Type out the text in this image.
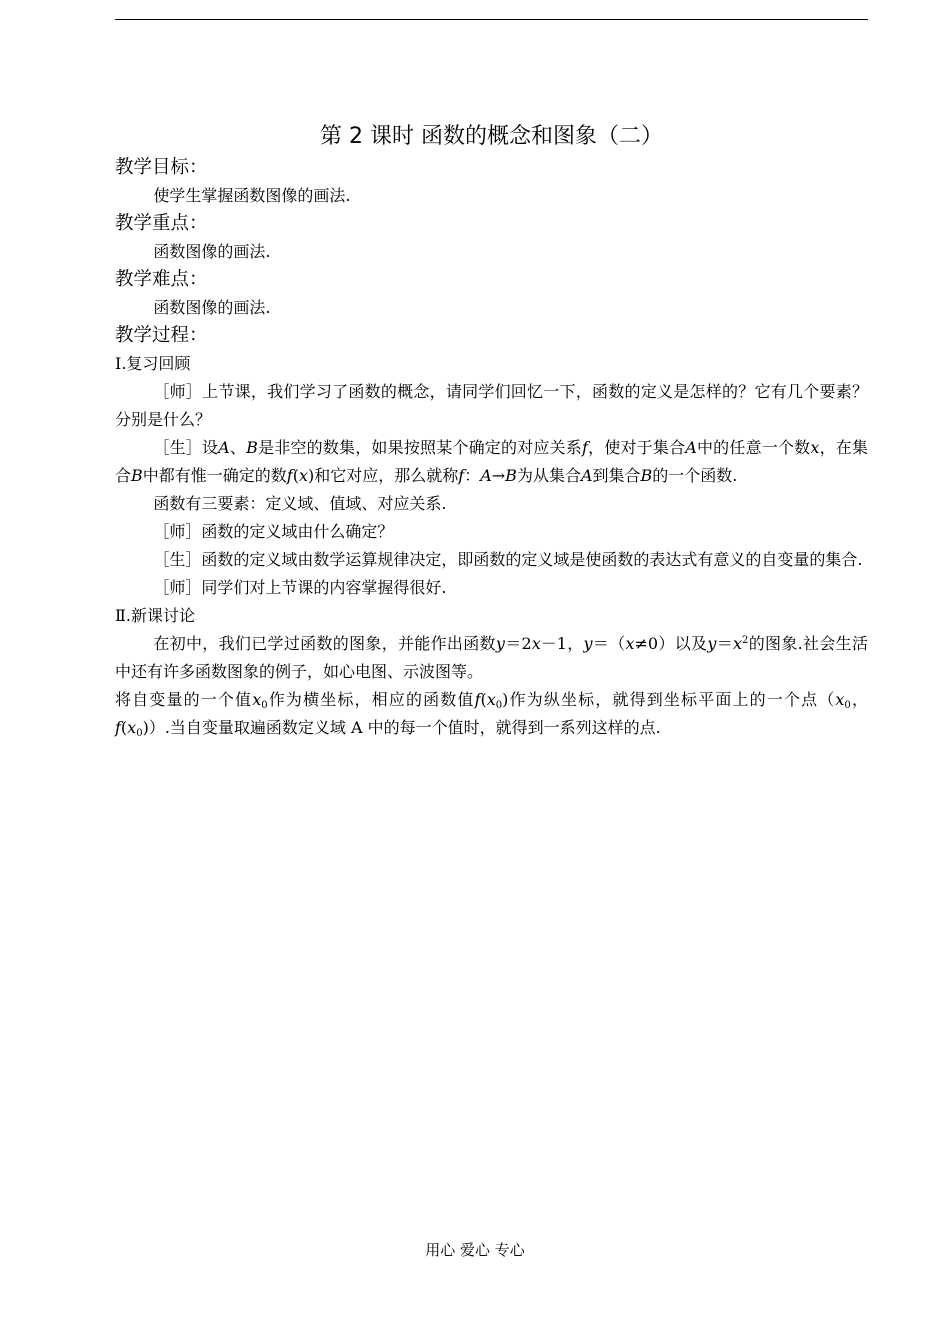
第 2 课时 函数的概念和图象（二）
教学目标：
使学生掌握函数图像的画法.
教学重点：
函数图像的画法.
教学难点：
函数图像的画法.
教学过程：
Ⅰ.复习回顾
［师］上节课，我们学习了函数的概念，请同学们回忆一下，函数的定义是怎样的？它有几个要素？分别是什么？
［生］设A、B是非空的数集，如果按照某个确定的对应关系f，使对于集合A中的任意一个数x，在集合B中都有惟一确定的数f(x)和它对应，那么就称f：A→B为从集合A到集合B的一个函数.
函数有三要素：定义域、值域、对应关系.
［师］函数的定义域由什么确定？
［生］函数的定义域由数学运算规律决定，即函数的定义域是使函数的表达式有意义的自变量的集合.
［师］同学们对上节课的内容掌握得很好.
Ⅱ.新课讨论
在初中，我们已学过函数的图象，并能作出函数y＝2x－1，y＝（x≠0）以及$y=x^2$的图象.社会生活中还有许多函数图象的例子，如心电图、示波图等。
将自变量的一个值$x_0$作为横坐标，相应的函数值$f(x_0)$作为纵坐标，就得到坐标平面上的一个点（$x_0$，$f(x_0)$）.当自变量取遍函数定义域 A 中的每一个值时，就得到一系列这样的点.
用心 爱心 专心
